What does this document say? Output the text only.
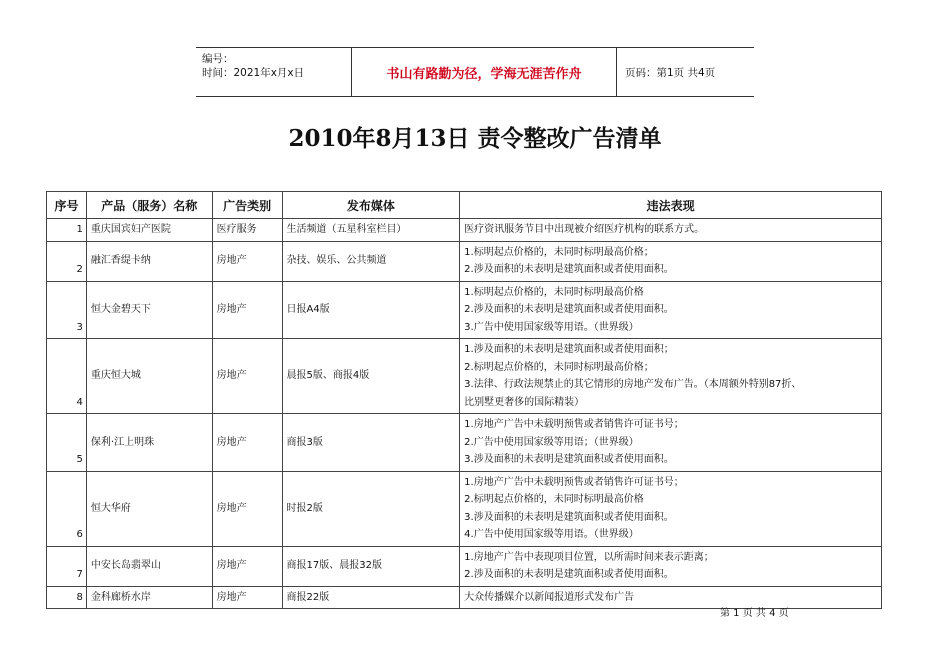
编号：
时间：2021年x月x日	书山有路勤为径，学海无涯苦作舟	页码：第1页 共4页
2010年8月13日 责令整改广告清单
序号	产品（服务）名称	广告类别	发布媒体	违法表现
1	重庆国宾妇产医院	医疗服务	生活频道（五星科室栏目）	医疗资讯服务节目中出现被介绍医疗机构的联系方式。

2	融汇香缇卡纳	房地产	杂技、娱乐、公共频道	1.标明起点价格的，未同时标明最高价格；
2.涉及面积的未表明是建筑面积或者使用面积。

3	恒大金碧天下	房地产	日报A4版	1.标明起点价格的，未同时标明最高价格
2.涉及面积的未表明是建筑面积或者使用面积。
3.广告中使用国家级等用语。（世界级）

4	重庆恒大城	房地产	晨报5版、商报4版	1.涉及面积的未表明是建筑面积或者使用面积；
2.标明起点价格的，未同时标明最高价格；
3.法律、行政法规禁止的其它情形的房地产发布广告。（本周额外特别87折、
比别墅更奢侈的国际精装）

5	保利·江上明珠	房地产	商报3版	1.房地产广告中未载明预售或者销售许可证书号；
2.广告中使用国家级等用语；（世界级）
3.涉及面积的未表明是建筑面积或者使用面积。

6	恒大华府	房地产	时报2版	1.房地产广告中未载明预售或者销售许可证书号；
2.标明起点价格的，未同时标明最高价格
3.涉及面积的未表明是建筑面积或者使用面积。
4.广告中使用国家级等用语。（世界级）

7	中安长岛翡翠山	房地产	商报17版、晨报32版	1.房地产广告中表现项目位置，以所需时间来表示距离；
2.涉及面积的未表明是建筑面积或者使用面积。

8	金科廊桥水岸	房地产	商报22版	大众传播媒介以新闻报道形式发布广告
第 1 页 共 4 页
